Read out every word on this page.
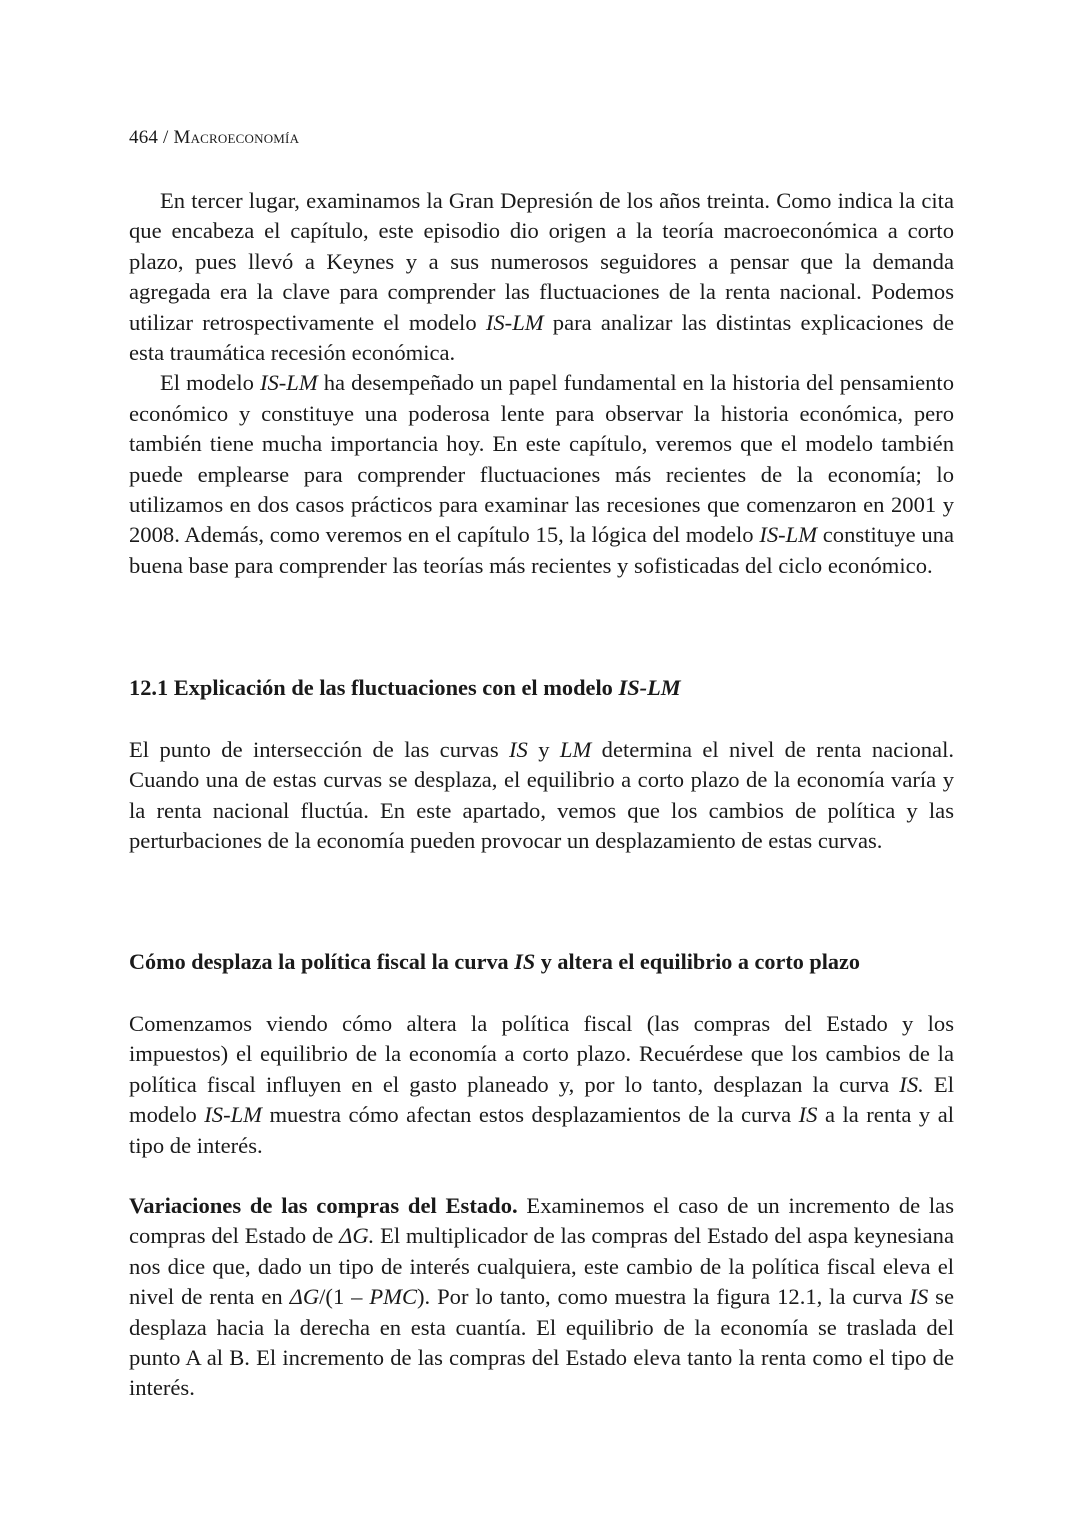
464 / Macroeconomía

En tercer lugar, examinamos la Gran Depresión de los años treinta. Como indica la cita que encabeza el capítulo, este episodio dio origen a la teoría macroeconómica a corto plazo, pues llevó a Keynes y a sus numerosos seguidores a pensar que la demanda agregada era la clave para comprender las fluctuaciones de la renta nacional. Podemos utilizar retrospectivamente el modelo IS-LM para analizar las distintas explicaciones de esta traumática recesión económica.

El modelo IS-LM ha desempeñado un papel fundamental en la historia del pensamiento económico y constituye una poderosa lente para observar la historia económica, pero también tiene mucha importancia hoy. En este capítulo, veremos que el modelo también puede emplearse para comprender fluctuaciones más recientes de la economía; lo utilizamos en dos casos prácticos para examinar las recesiones que comenzaron en 2001 y 2008. Además, como veremos en el capítulo 15, la lógica del modelo IS-LM constituye una buena base para comprender las teorías más recientes y sofisticadas del ciclo económico.

12.1 Explicación de las fluctuaciones con el modelo IS-LM

El punto de intersección de las curvas IS y LM determina el nivel de renta nacional. Cuando una de estas curvas se desplaza, el equilibrio a corto plazo de la economía varía y la renta nacional fluctúa. En este apartado, vemos que los cambios de política y las perturbaciones de la economía pueden provocar un desplazamiento de estas curvas.

Cómo desplaza la política fiscal la curva IS y altera el equilibrio a corto plazo

Comenzamos viendo cómo altera la política fiscal (las compras del Estado y los impuestos) el equilibrio de la economía a corto plazo. Recuérdese que los cambios de la política fiscal influyen en el gasto planeado y, por lo tanto, desplazan la curva IS. El modelo IS-LM muestra cómo afectan estos desplazamientos de la curva IS a la renta y al tipo de interés.

Variaciones de las compras del Estado. Examinemos el caso de un incremento de las compras del Estado de ΔG. El multiplicador de las compras del Estado del aspa keynesiana nos dice que, dado un tipo de interés cualquiera, este cambio de la política fiscal eleva el nivel de renta en ΔG/(1 – PMC). Por lo tanto, como muestra la figura 12.1, la curva IS se desplaza hacia la derecha en esta cuantía. El equilibrio de la economía se traslada del punto A al B. El incremento de las compras del Estado eleva tanto la renta como el tipo de interés.
